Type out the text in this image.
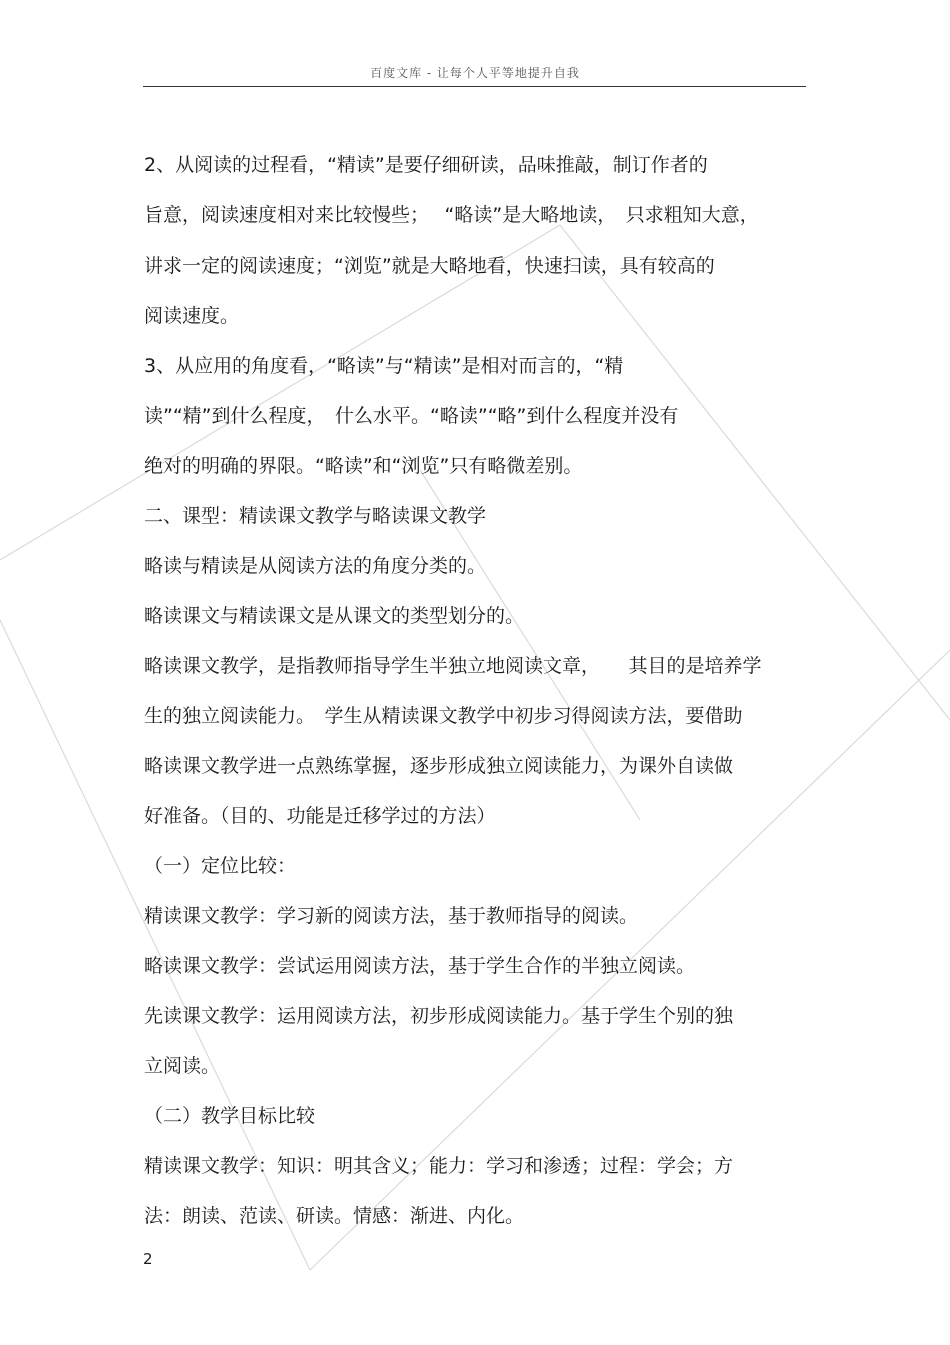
百度文库 - 让每个人平等地提升自我
2、从阅读的过程看，“精读”是要仔细研读，品味推敲，制订作者的
旨意，阅读速度相对来比较慢些；　 “略读”是大略地读，　只求粗知大意，
讲求一定的阅读速度；“浏览”就是大略地看，快速扫读，具有较高的
阅读速度。
3、从应用的角度看，“略读”与“精读”是相对而言的，“精
读”“精”到什么程度，　什么水平。“略读”“略”到什么程度并没有
绝对的明确的界限。“略读”和“浏览”只有略微差别。
二、课型：精读课文教学与略读课文教学
略读与精读是从阅读方法的角度分类的。
略读课文与精读课文是从课文的类型划分的。
略读课文教学，是指教师指导学生半独立地阅读文章，　　其目的是培养学
生的独立阅读能力。　学生从精读课文教学中初步习得阅读方法，要借助
略读课文教学进一点熟练掌握，逐步形成独立阅读能力，为课外自读做
好准备。（目的、功能是迁移学过的方法）
（一）定位比较：
精读课文教学：学习新的阅读方法，基于教师指导的阅读。
略读课文教学：尝试运用阅读方法，基于学生合作的半独立阅读。
先读课文教学：运用阅读方法，初步形成阅读能力。基于学生个别的独
立阅读。
（二）教学目标比较
精读课文教学：知识：明其含义；能力：学习和渗透；过程：学会；方
法：朗读、范读、研读。情感：渐进、内化。
2
